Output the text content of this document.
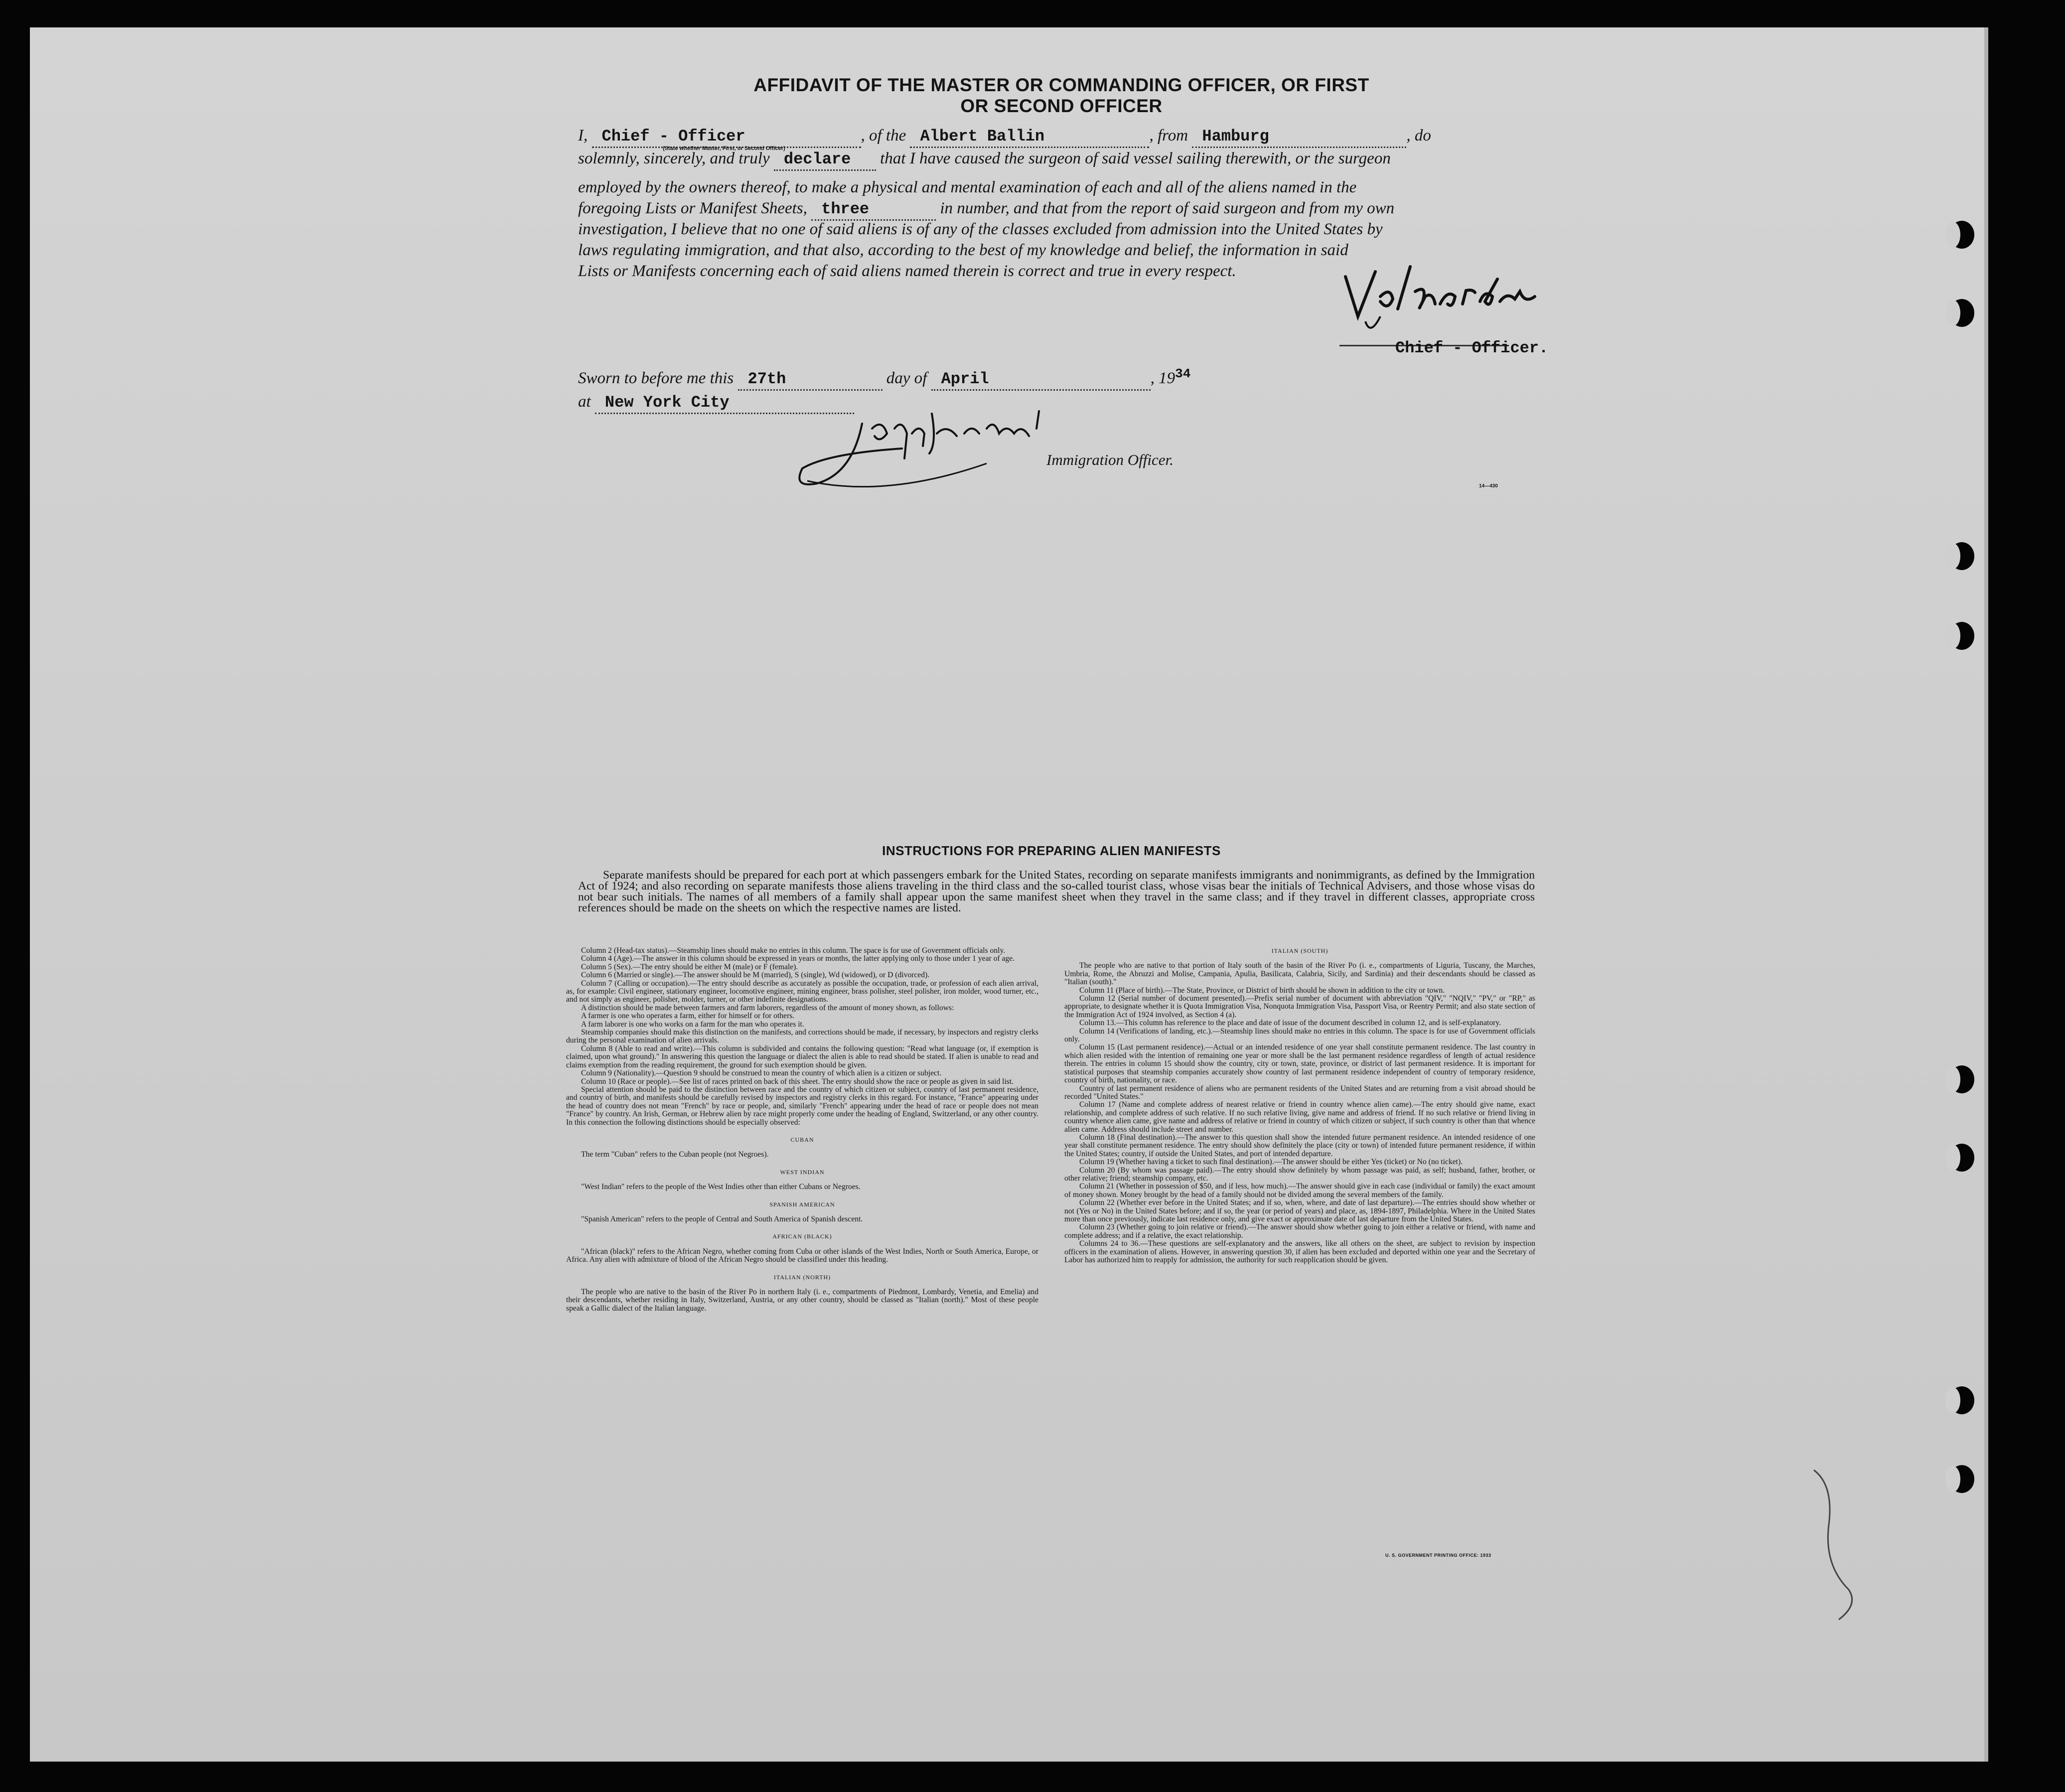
AFFIDAVIT OF THE MASTER OR COMMANDING OFFICER, OR FIRST OR SECOND OFFICER
I, Chief - Officer	, of the Albert Ballin	, from Hamburg	, do
(State whether Master, First, or Second Officer)
solemnly, sincerely, and truly declare that I have caused the surgeon of said vessel sailing therewith, or the surgeon
employed by the owners thereof, to make a physical and mental examination of each and all of the aliens named in the
foregoing Lists or Manifest Sheets, three	in number, and that from the report of said surgeon and from my own
investigation, I believe that no one of said aliens is of any of the classes excluded from admission into the United States by
laws regulating immigration, and that also, according to the best of my knowledge and belief, the information in said
Lists or Manifests concerning each of said aliens named therein is correct and true in every respect.
Chief - Officer.
Sworn to before me this 27th	day of April	, $19^{34}$
at New York City
Immigration Officer.
14—430
INSTRUCTIONS FOR PREPARING ALIEN MANIFESTS
Separate manifests should be prepared for each port at which passengers embark for the United States, recording on separate manifests immigrants and nonimmigrants, as defined by the Immigration Act of 1924; and also recording on separate manifests those aliens traveling in the third class and the so-called tourist class, whose visas bear the initials of Technical Advisers, and those whose visas do not bear such initials. The names of all members of a family shall appear upon the same manifest sheet when they travel in the same class; and if they travel in different classes, appropriate cross references should be made on the sheets on which the respective names are listed.

Column 2 (Head-tax status).—Steamship lines should make no entries in this column. The space is for use of Government officials only.

Column 4 (Age).—The answer in this column should be expressed in years or months, the latter applying only to those under 1 year of age.

Column 5 (Sex).—The entry should be either M (male) or F (female).

Column 6 (Married or single).—The answer should be M (married), S (single), Wd (widowed), or D (divorced).

Column 7 (Calling or occupation).—The entry should describe as accurately as possible the occupation, trade, or profession of each alien arrival, as, for example: Civil engineer, stationary engineer, locomotive engineer, mining engineer, brass polisher, steel polisher, iron molder, wood turner, etc., and not simply as engineer, polisher, molder, turner, or other indefinite designations.

A distinction should be made between farmers and farm laborers, regardless of the amount of money shown, as follows:

A farmer is one who operates a farm, either for himself or for others.

A farm laborer is one who works on a farm for the man who operates it.

Steamship companies should make this distinction on the manifests, and corrections should be made, if necessary, by inspectors and registry clerks during the personal examination of alien arrivals.

Column 8 (Able to read and write).—This column is subdivided and contains the following question: "Read what language (or, if exemption is claimed, upon what ground)." In answering this question the language or dialect the alien is able to read should be stated. If alien is unable to read and claims exemption from the reading requirement, the ground for such exemption should be given.

Column 9 (Nationality).—Question 9 should be construed to mean the country of which alien is a citizen or subject.

Column 10 (Race or people).—See list of races printed on back of this sheet. The entry should show the race or people as given in said list.

Special attention should be paid to the distinction between race and the country of which citizen or subject, country of last permanent residence, and country of birth, and manifests should be carefully revised by inspectors and registry clerks in this regard. For instance, "France" appearing under the head of country does not mean "French" by race or people, and, similarly "French" appearing under the head of race or people does not mean "France" by country. An Irish, German, or Hebrew alien by race might properly come under the heading of England, Switzerland, or any other country. In this connection the following distinctions should be especially observed:

CUBAN

The term "Cuban" refers to the Cuban people (not Negroes).

WEST INDIAN

"West Indian" refers to the people of the West Indies other than either Cubans or Negroes.

SPANISH AMERICAN

"Spanish American" refers to the people of Central and South America of Spanish descent.

AFRICAN (BLACK)

"African (black)" refers to the African Negro, whether coming from Cuba or other islands of the West Indies, North or South America, Europe, or Africa. Any alien with admixture of blood of the African Negro should be classified under this heading.

ITALIAN (NORTH)

The people who are native to the basin of the River Po in northern Italy (i. e., compartments of Piedmont, Lombardy, Venetia, and Emelia) and their descendants, whether residing in Italy, Switzerland, Austria, or any other country, should be classed as "Italian (north)." Most of these people speak a Gallic dialect of the Italian language.

ITALIAN (SOUTH)

The people who are native to that portion of Italy south of the basin of the River Po (i. e., compartments of Liguria, Tuscany, the Marches, Umbria, Rome, the Abruzzi and Molise, Campania, Apulia, Basilicata, Calabria, Sicily, and Sardinia) and their descendants should be classed as "Italian (south)."

Column 11 (Place of birth).—The State, Province, or District of birth should be shown in addition to the city or town.

Column 12 (Serial number of document presented).—Prefix serial number of document with abbreviation "QIV," "NQIV," "PV," or "RP," as appropriate, to designate whether it is Quota Immigration Visa, Nonquota Immigration Visa, Passport Visa, or Reentry Permit; and also state section of the Immigration Act of 1924 involved, as Section 4 (a).

Column 13.—This column has reference to the place and date of issue of the document described in column 12, and is self-explanatory.

Column 14 (Verifications of landing, etc.).—Steamship lines should make no entries in this column. The space is for use of Government officials only.

Column 15 (Last permanent residence).—Actual or an intended residence of one year shall constitute permanent residence. The last country in which alien resided with the intention of remaining one year or more shall be the last permanent residence regardless of length of actual residence therein. The entries in column 15 should show the country, city or town, state, province, or district of last permanent residence. It is important for statistical purposes that steamship companies accurately show country of last permanent residence independent of country of temporary residence, country of birth, nationality, or race.

Country of last permanent residence of aliens who are permanent residents of the United States and are returning from a visit abroad should be recorded "United States."

Column 17 (Name and complete address of nearest relative or friend in country whence alien came).—The entry should give name, exact relationship, and complete address of such relative. If no such relative living, give name and address of friend. If no such relative or friend living in country whence alien came, give name and address of relative or friend in country of which citizen or subject, if such country is other than that whence alien came. Address should include street and number.

Column 18 (Final destination).—The answer to this question shall show the intended future permanent residence. An intended residence of one year shall constitute permanent residence. The entry should show definitely the place (city or town) of intended future permanent residence, if within the United States; country, if outside the United States, and port of intended departure.

Column 19 (Whether having a ticket to such final destination).—The answer should be either Yes (ticket) or No (no ticket).

Column 20 (By whom was passage paid).—The entry should show definitely by whom passage was paid, as self; husband, father, brother, or other relative; friend; steamship company, etc.

Column 21 (Whether in possession of $50, and if less, how much).—The answer should give in each case (individual or family) the exact amount of money shown. Money brought by the head of a family should not be divided among the several members of the family.

Column 22 (Whether ever before in the United States; and if so, when, where, and date of last departure).—The entries should show whether or not (Yes or No) in the United States before; and if so, the year (or period of years) and place, as, 1894-1897, Philadelphia. Where in the United States more than once previously, indicate last residence only, and give exact or approximate date of last departure from the United States.

Column 23 (Whether going to join relative or friend).—The answer should show whether going to join either a relative or friend, with name and complete address; and if a relative, the exact relationship.

Columns 24 to 36.—These questions are self-explanatory and the answers, like all others on the sheet, are subject to revision by inspection officers in the examination of aliens. However, in answering question 30, if alien has been excluded and deported within one year and the Secretary of Labor has authorized him to reapply for admission, the authority for such reapplication should be given.

U. S. GOVERNMENT PRINTING OFFICE: 1933
